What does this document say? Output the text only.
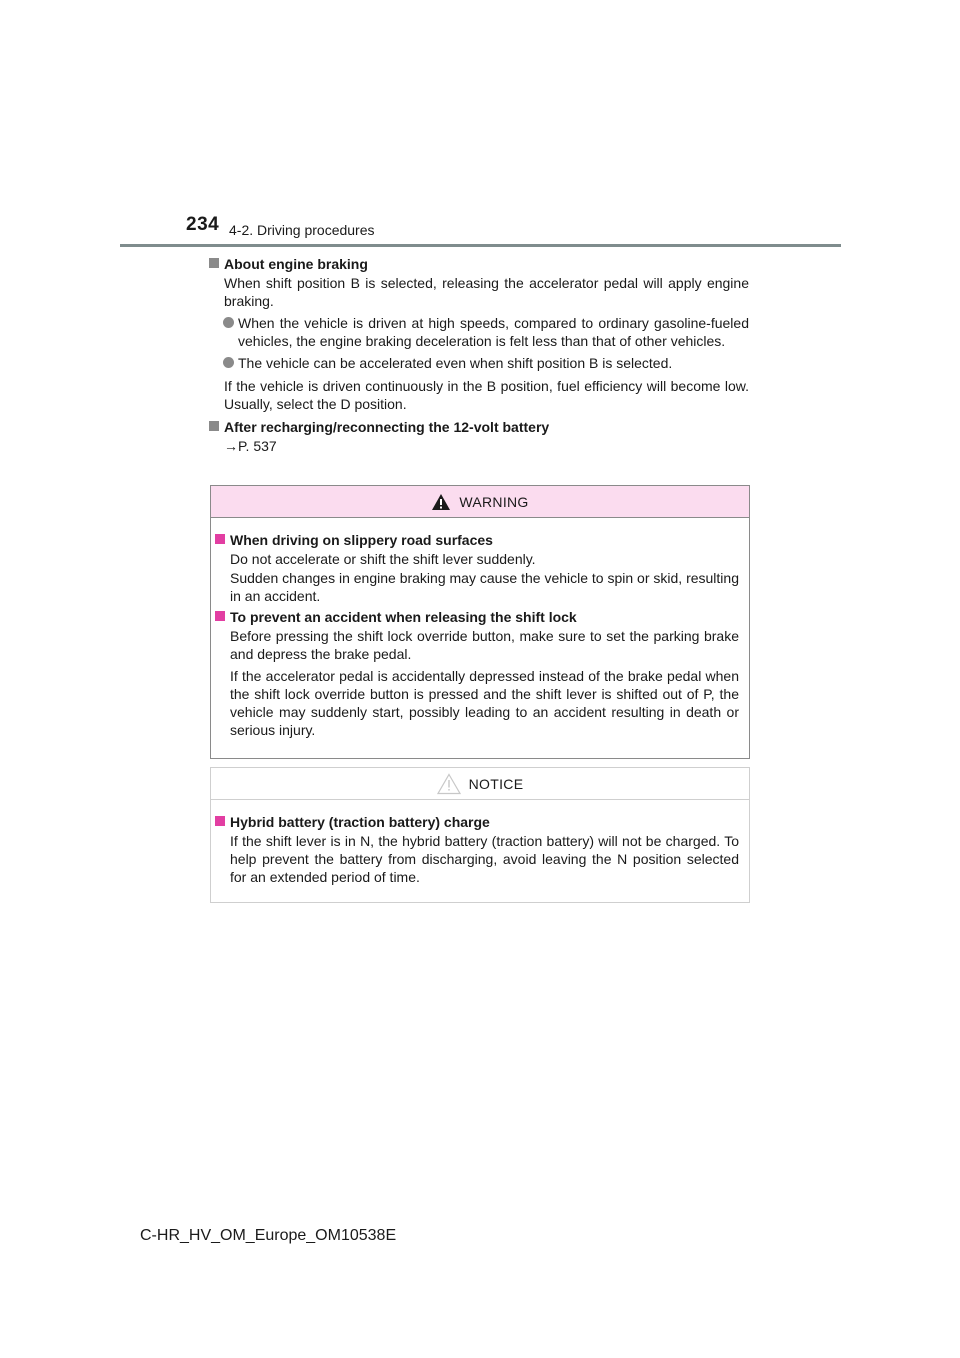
234 4-2. Driving procedures
About engine braking
When shift position B is selected, releasing the accelerator pedal will apply engine braking.
When the vehicle is driven at high speeds, compared to ordinary gasoline-fueled vehicles, the engine braking deceleration is felt less than that of other vehicles.
The vehicle can be accelerated even when shift position B is selected.
If the vehicle is driven continuously in the B position, fuel efficiency will become low. Usually, select the D position.
After recharging/reconnecting the 12-volt battery
→P. 537
WARNING
When driving on slippery road surfaces
Do not accelerate or shift the shift lever suddenly.
Sudden changes in engine braking may cause the vehicle to spin or skid, resulting in an accident.
To prevent an accident when releasing the shift lock
Before pressing the shift lock override button, make sure to set the parking brake and depress the brake pedal.
If the accelerator pedal is accidentally depressed instead of the brake pedal when the shift lock override button is pressed and the shift lever is shifted out of P, the vehicle may suddenly start, possibly leading to an accident resulting in death or serious injury.
NOTICE
Hybrid battery (traction battery) charge
If the shift lever is in N, the hybrid battery (traction battery) will not be charged. To help prevent the battery from discharging, avoid leaving the N position selected for an extended period of time.
C-HR_HV_OM_Europe_OM10538E
